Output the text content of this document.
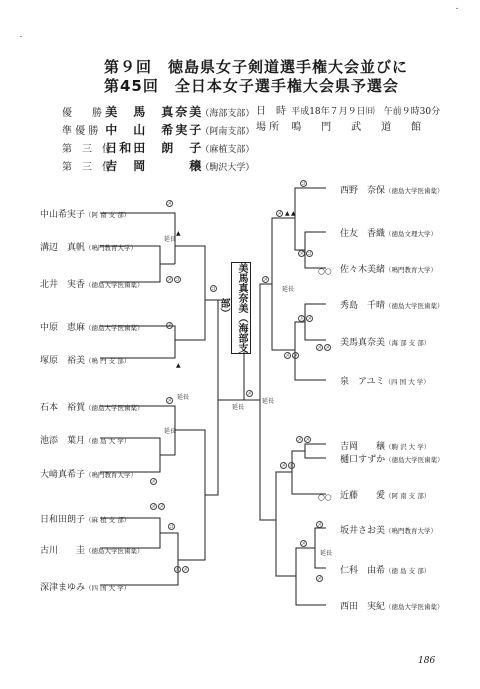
・
・
第９回　徳島県女子剣道選手権大会並びに
第45回　全日本女子選手権大会県予選会
優　　勝 美　馬　真奈美 （海部支部）
準 優 勝 中　山　希実子 （阿南支部）
第　三　位 日和田　朗　子 （麻植支部）
第　三　位 吉　岡　　　穣 （駒沢大学）
日　時 平成18年７月９日㈰　午前９時30分
場 所 鳴　　門　　武　　道　　館
美馬真奈美（海部支部）
中山希実子（阿 南 支 部）
溝辺　真帆（鳴門教育大学）
北井　実香（徳島大学医歯薬）
中原　恵麻（徳島大学医歯薬）
塚原　裕美（鳴 門 支 部）
石本　裕賀（徳島大学医歯薬）
池添　葉月（徳 島 大 学）
大﨑真希子（鳴門教育大学）
日和田朗子（麻 植 支 部）
古川　　圭（徳島大学医歯薬）
深津まゆみ（四 国 大 学）
西野　奈保（徳島大学医歯薬）
住友　香織（徳島文理大学）
佐々木美緒（鳴門教育大学）
秀島　千晴（徳島大学医歯薬）
美馬真奈美（海 部 支 部）
泉　アユミ（四 国 大 学）
吉岡　　穣（駒 沢 大 学）
樋口すずか（徳島大学医歯薬）
近藤　　愛（阿 南 支 部）
坂井さお美（鳴門教育大学）
仁科　由希（徳 島 支 部）
西田　実紀（徳島大学医歯薬）
延長
延長
延長
延長
延長
延長
延長
▲
▲
▲ ▲
◯◯
◯◯
メ
メ コ
メ
コ
メ
メ
メ メ
コ
メ メ
メ
コ
メ
メ コ
メ
ド メ
メ メ
メ メ
メ メ
メ メ
メ
メ
メ
186
